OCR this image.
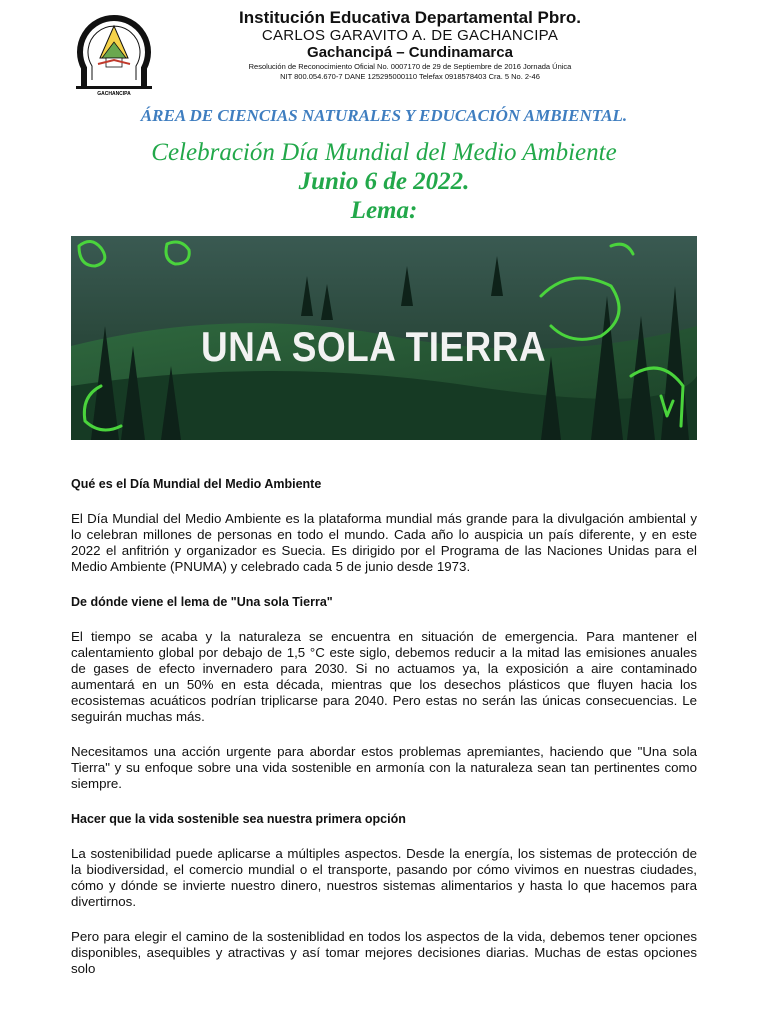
GACHANCIPA
Institución Educativa Departamental Pbro.
CARLOS GARAVITO A. DE GACHANCIPA
Gachancipá – Cundinamarca
Resolución de Reconocimiento Oficial No. 0007170 de 29 de Septiembre de 2016 Jornada Única
NIT 800.054.670-7 DANE 125295000110 Telefax 0918578403 Cra. 5 No. 2-46
ÁREA DE CIENCIAS NATURALES Y EDUCACIÓN AMBIENTAL.
Celebración Día Mundial del Medio Ambiente
Junio 6 de 2022.
Lema:
UNA SOLA TIERRA
Qué es el Día Mundial del Medio Ambiente

El Día Mundial del Medio Ambiente es la plataforma mundial más grande para la divulgación ambiental y lo celebran millones de personas en todo el mundo. Cada año lo auspicia un país diferente, y en este 2022 el anfitrión y organizador es Suecia. Es dirigido por el Programa de las Naciones Unidas para el Medio Ambiente (PNUMA) y celebrado cada 5 de junio desde 1973.

De dónde viene el lema de "Una sola Tierra"

El tiempo se acaba y la naturaleza se encuentra en situación de emergencia. Para mantener el calentamiento global por debajo de 1,5 °C este siglo, debemos reducir a la mitad las emisiones anuales de gases de efecto invernadero para 2030. Si no actuamos ya, la exposición a aire contaminado aumentará en un 50% en esta década, mientras que los desechos plásticos que fluyen hacia los ecosistemas acuáticos podrían triplicarse para 2040. Pero estas no serán las únicas consecuencias. Le seguirán muchas más.

Necesitamos una acción urgente para abordar estos problemas apremiantes, haciendo que "Una sola Tierra" y su enfoque sobre una vida sostenible en armonía con la naturaleza sean tan pertinentes como siempre.

Hacer que la vida sostenible sea nuestra primera opción

La sostenibilidad puede aplicarse a múltiples aspectos. Desde la energía, los sistemas de protección de la biodiversidad, el comercio mundial o el transporte, pasando por cómo vivimos en nuestras ciudades, cómo y dónde se invierte nuestro dinero, nuestros sistemas alimentarios y hasta lo que hacemos para divertirnos.

Pero para elegir el camino de la sosteniblidad en todos los aspectos de la vida, debemos tener opciones disponibles, asequibles y atractivas y así tomar mejores decisiones diarias. Muchas de estas opciones solo
